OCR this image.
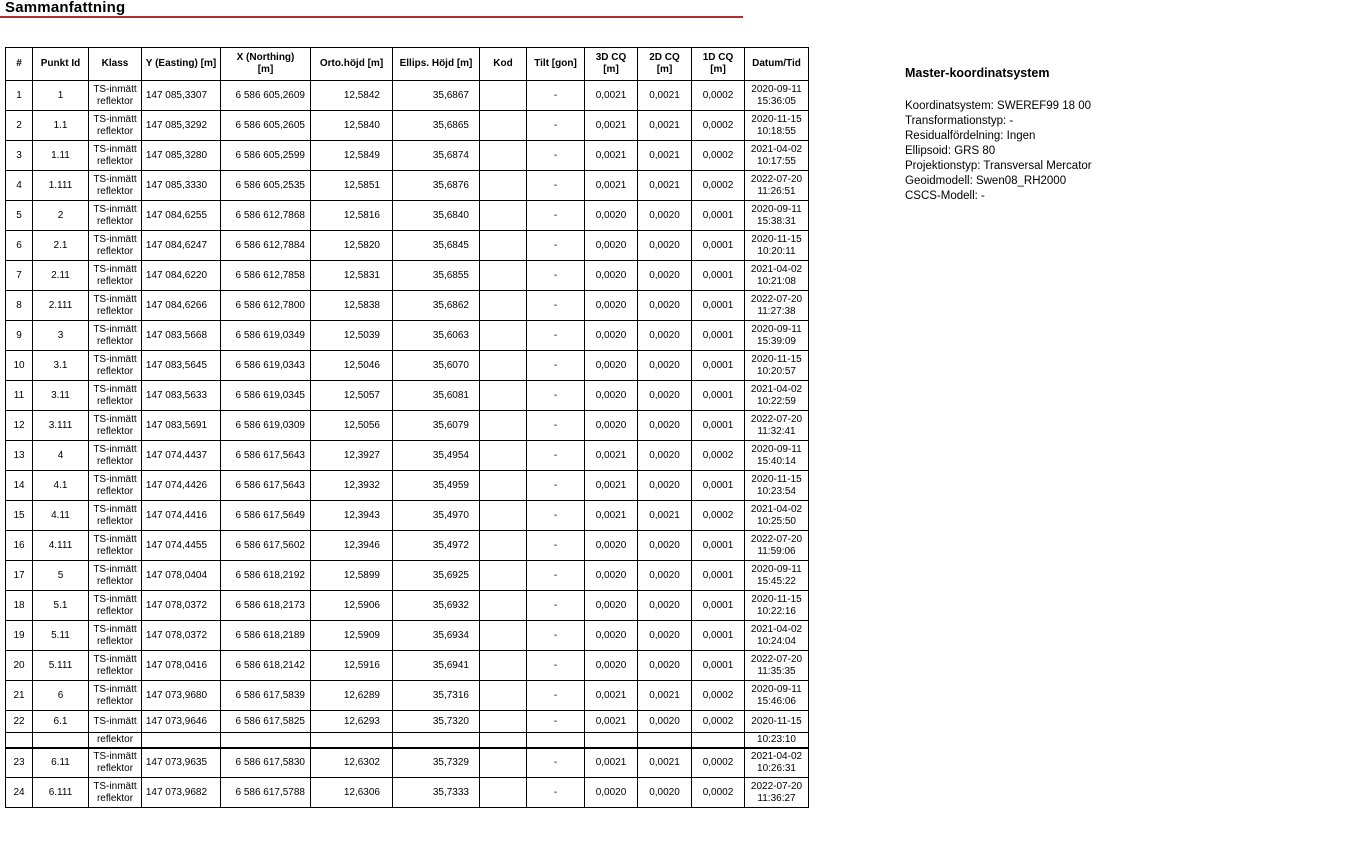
Sammanfattning
#	Punkt Id	Klass	Y (Easting) [m]	X (Northing)
[m]	Orto.höjd [m]	Ellips. Höjd [m]	Kod	Tilt [gon]	3D CQ
[m]	2D CQ
[m]	1D CQ
[m]	Datum/Tid
1	1	
TS-inmätt
reflektor
	147 085,3307	6 586 605,2609	12,5842	35,6867		-	0,0021	0,0021	0,0002	
2020-09-11
15:36:05

2	1.1	
TS-inmätt
reflektor
	147 085,3292	6 586 605,2605	12,5840	35,6865		-	0,0021	0,0021	0,0002	
2020-11-15
10:18:55

3	1.11	
TS-inmätt
reflektor
	147 085,3280	6 586 605,2599	12,5849	35,6874		-	0,0021	0,0021	0,0002	
2021-04-02
10:17:55

4	1.111	
TS-inmätt
reflektor
	147 085,3330	6 586 605,2535	12,5851	35,6876		-	0,0021	0,0021	0,0002	
2022-07-20
11:26:51

5	2	
TS-inmätt
reflektor
	147 084,6255	6 586 612,7868	12,5816	35,6840		-	0,0020	0,0020	0,0001	
2020-09-11
15:38:31

6	2.1	
TS-inmätt
reflektor
	147 084,6247	6 586 612,7884	12,5820	35,6845		-	0,0020	0,0020	0,0001	
2020-11-15
10:20:11

7	2.11	
TS-inmätt
reflektor
	147 084,6220	6 586 612,7858	12,5831	35,6855		-	0,0020	0,0020	0,0001	
2021-04-02
10:21:08

8	2.111	
TS-inmätt
reflektor
	147 084,6266	6 586 612,7800	12,5838	35,6862		-	0,0020	0,0020	0,0001	
2022-07-20
11:27:38

9	3	
TS-inmätt
reflektor
	147 083,5668	6 586 619,0349	12,5039	35,6063		-	0,0020	0,0020	0,0001	
2020-09-11
15:39:09

10	3.1	
TS-inmätt
reflektor
	147 083,5645	6 586 619,0343	12,5046	35,6070		-	0,0020	0,0020	0,0001	
2020-11-15
10:20:57

11	3.11	
TS-inmätt
reflektor
	147 083,5633	6 586 619,0345	12,5057	35,6081		-	0,0020	0,0020	0,0001	
2021-04-02
10:22:59

12	3.111	
TS-inmätt
reflektor
	147 083,5691	6 586 619,0309	12,5056	35,6079		-	0,0020	0,0020	0,0001	
2022-07-20
11:32:41

13	4	
TS-inmätt
reflektor
	147 074,4437	6 586 617,5643	12,3927	35,4954		-	0,0021	0,0020	0,0002	
2020-09-11
15:40:14

14	4.1	
TS-inmätt
reflektor
	147 074,4426	6 586 617,5643	12,3932	35,4959		-	0,0021	0,0020	0,0001	
2020-11-15
10:23:54

15	4.11	
TS-inmätt
reflektor
	147 074,4416	6 586 617,5649	12,3943	35,4970		-	0,0021	0,0021	0,0002	
2021-04-02
10:25:50

16	4.111	
TS-inmätt
reflektor
	147 074,4455	6 586 617,5602	12,3946	35,4972		-	0,0020	0,0020	0,0001	
2022-07-20
11:59:06

17	5	
TS-inmätt
reflektor
	147 078,0404	6 586 618,2192	12,5899	35,6925		-	0,0020	0,0020	0,0001	
2020-09-11
15:45:22

18	5.1	
TS-inmätt
reflektor
	147 078,0372	6 586 618,2173	12,5906	35,6932		-	0,0020	0,0020	0,0001	
2020-11-15
10:22:16

19	5.11	
TS-inmätt
reflektor
	147 078,0372	6 586 618,2189	12,5909	35,6934		-	0,0020	0,0020	0,0001	
2021-04-02
10:24:04

20	5.111	
TS-inmätt
reflektor
	147 078,0416	6 586 618,2142	12,5916	35,6941		-	0,0020	0,0020	0,0001	
2022-07-20
11:35:35

21	6	
TS-inmätt
reflektor
	147 073,9680	6 586 617,5839	12,6289	35,7316		-	0,0021	0,0021	0,0002	
2020-09-11
15:46:06

22	6.1	TS-inmätt	147 073,9646	6 586 617,5825	12,6293	35,7320		-	0,0021	0,0020	0,0002	2020-11-15
		reflektor										10:23:10
23	6.11	
TS-inmätt
reflektor
	147 073,9635	6 586 617,5830	12,6302	35,7329		-	0,0021	0,0021	0,0002	
2021-04-02
10:26:31

24	6.111	
TS-inmätt
reflektor
	147 073,9682	6 586 617,5788	12,6306	35,7333		-	0,0020	0,0020	0,0002	
2022-07-20
11:36:27
Master-koordinatsystem
Koordinatsystem: SWEREF99 18 00
Transformationstyp: -
Residualfördelning: Ingen
Ellipsoid: GRS 80
Projektionstyp: Transversal Mercator
Geoidmodell: Swen08_RH2000
CSCS-Modell: -
